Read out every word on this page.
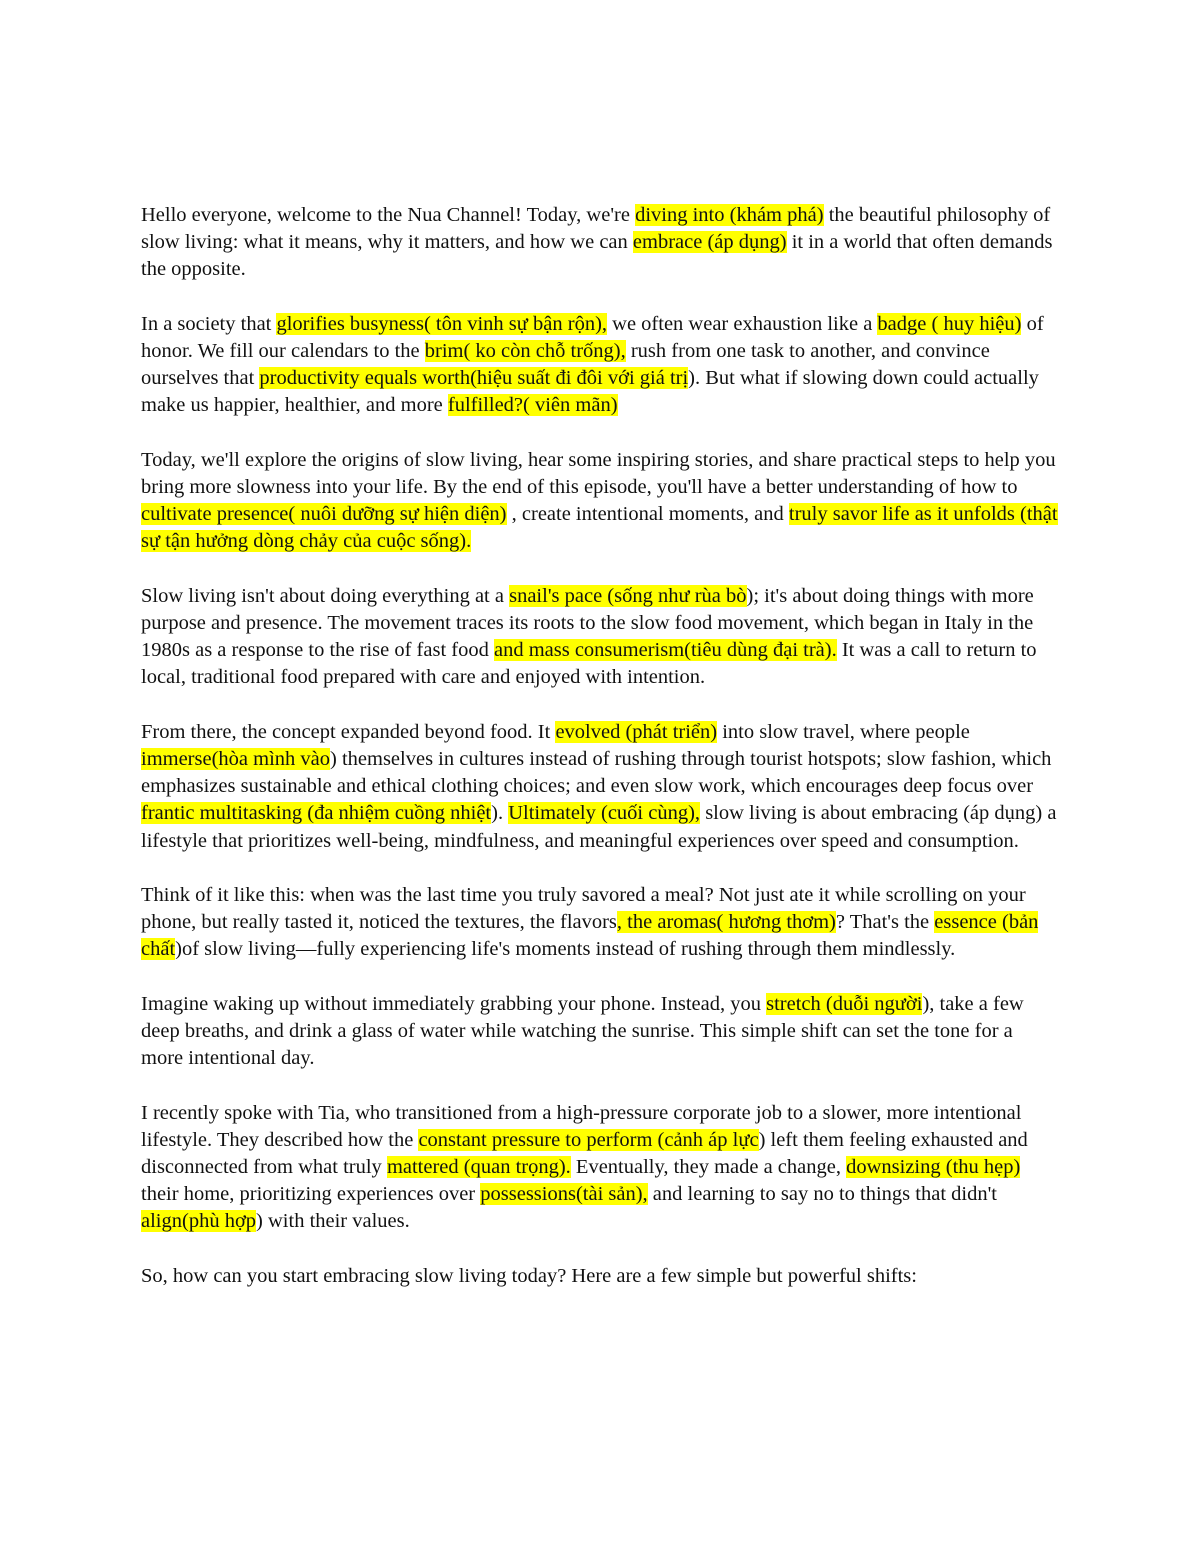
Hello everyone, welcome to the Nua Channel! Today, we're diving into (khám phá) the beautiful philosophy of slow living: what it means, why it matters, and how we can embrace (áp dụng) it in a world that often demands the opposite.

In a society that glorifies busyness( tôn vinh sự bận rộn), we often wear exhaustion like a badge ( huy hiệu) of honor. We fill our calendars to the brim( ko còn chỗ trống), rush from one task to another, and convince ourselves that productivity equals worth(hiệu suất đi đôi với giá trị). But what if slowing down could actually make us happier, healthier, and more fulfilled?( viên mãn)

Today, we'll explore the origins of slow living, hear some inspiring stories, and share practical steps to help you bring more slowness into your life. By the end of this episode, you'll have a better understanding of how to cultivate presence( nuôi dưỡng sự hiện diện) , create intentional moments, and truly savor life as it unfolds (thật sự tận hưởng dòng chảy của cuộc sống).

Slow living isn't about doing everything at a snail's pace (sống như rùa bò); it's about doing things with more purpose and presence. The movement traces its roots to the slow food movement, which began in Italy in the 1980s as a response to the rise of fast food and mass consumerism(tiêu dùng đại trà). It was a call to return to local, traditional food prepared with care and enjoyed with intention.

From there, the concept expanded beyond food. It evolved (phát triển) into slow travel, where people immerse(hòa mình vào) themselves in cultures instead of rushing through tourist hotspots; slow fashion, which emphasizes sustainable and ethical clothing choices; and even slow work, which encourages deep focus over frantic multitasking (đa nhiệm cuồng nhiệt). Ultimately (cuối cùng), slow living is about embracing (áp dụng) a lifestyle that prioritizes well-being, mindfulness, and meaningful experiences over speed and consumption.

Think of it like this: when was the last time you truly savored a meal? Not just ate it while scrolling on your phone, but really tasted it, noticed the textures, the flavors, the aromas( hương thơm)? That's the essence (bản chất)of slow living—fully experiencing life's moments instead of rushing through them mindlessly.

Imagine waking up without immediately grabbing your phone. Instead, you stretch (duỗi người), take a few deep breaths, and drink a glass of water while watching the sunrise. This simple shift can set the tone for a more intentional day.

I recently spoke with Tia, who transitioned from a high-pressure corporate job to a slower, more intentional lifestyle. They described how the constant pressure to perform (cảnh áp lực) left them feeling exhausted and disconnected from what truly mattered (quan trọng). Eventually, they made a change, downsizing (thu hẹp) their home, prioritizing experiences over possessions(tài sản), and learning to say no to things that didn't align(phù hợp) with their values.

So, how can you start embracing slow living today? Here are a few simple but powerful shifts:
